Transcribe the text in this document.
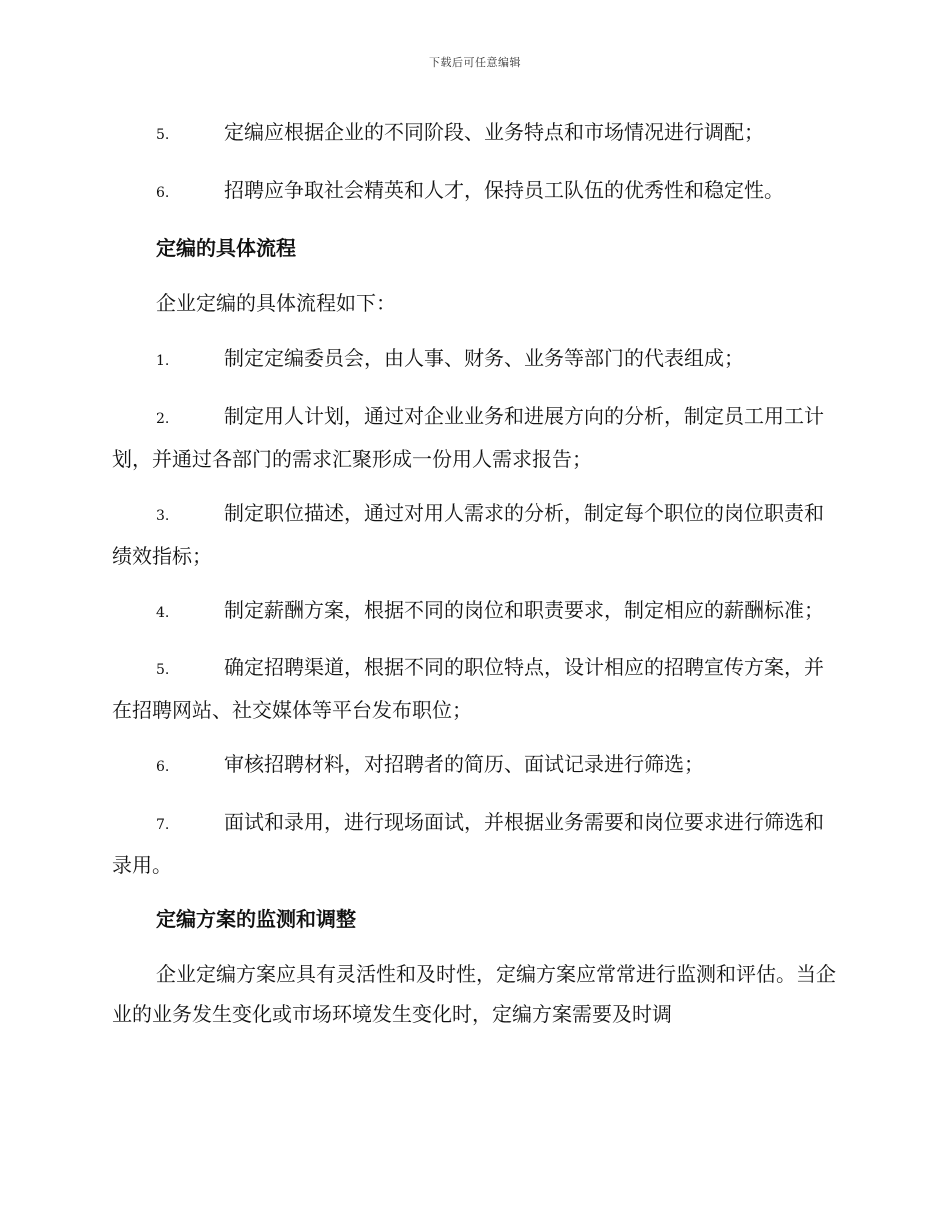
下载后可任意编辑

5.	定编应根据企业的不同阶段、业务特点和市场情况进行调配；

6.	招聘应争取社会精英和人才，保持员工队伍的优秀性和稳定性。

定编的具体流程

企业定编的具体流程如下：

1.	制定定编委员会，由人事、财务、业务等部门的代表组成；

2.	制定用人计划，通过对企业业务和进展方向的分析，制定员工用工计划，并通过各部门的需求汇聚形成一份用人需求报告；

3.	制定职位描述，通过对用人需求的分析，制定每个职位的岗位职责和绩效指标；

4.	制定薪酬方案，根据不同的岗位和职责要求，制定相应的薪酬标准；

5.	确定招聘渠道，根据不同的职位特点，设计相应的招聘宣传方案，并在招聘网站、社交媒体等平台发布职位；

6.	审核招聘材料，对招聘者的简历、面试记录进行筛选；

7.	面试和录用，进行现场面试，并根据业务需要和岗位要求进行筛选和录用。

定编方案的监测和调整

企业定编方案应具有灵活性和及时性，定编方案应常常进行监测和评估。当企业的业务发生变化或市场环境发生变化时，定编方案需要及时调
